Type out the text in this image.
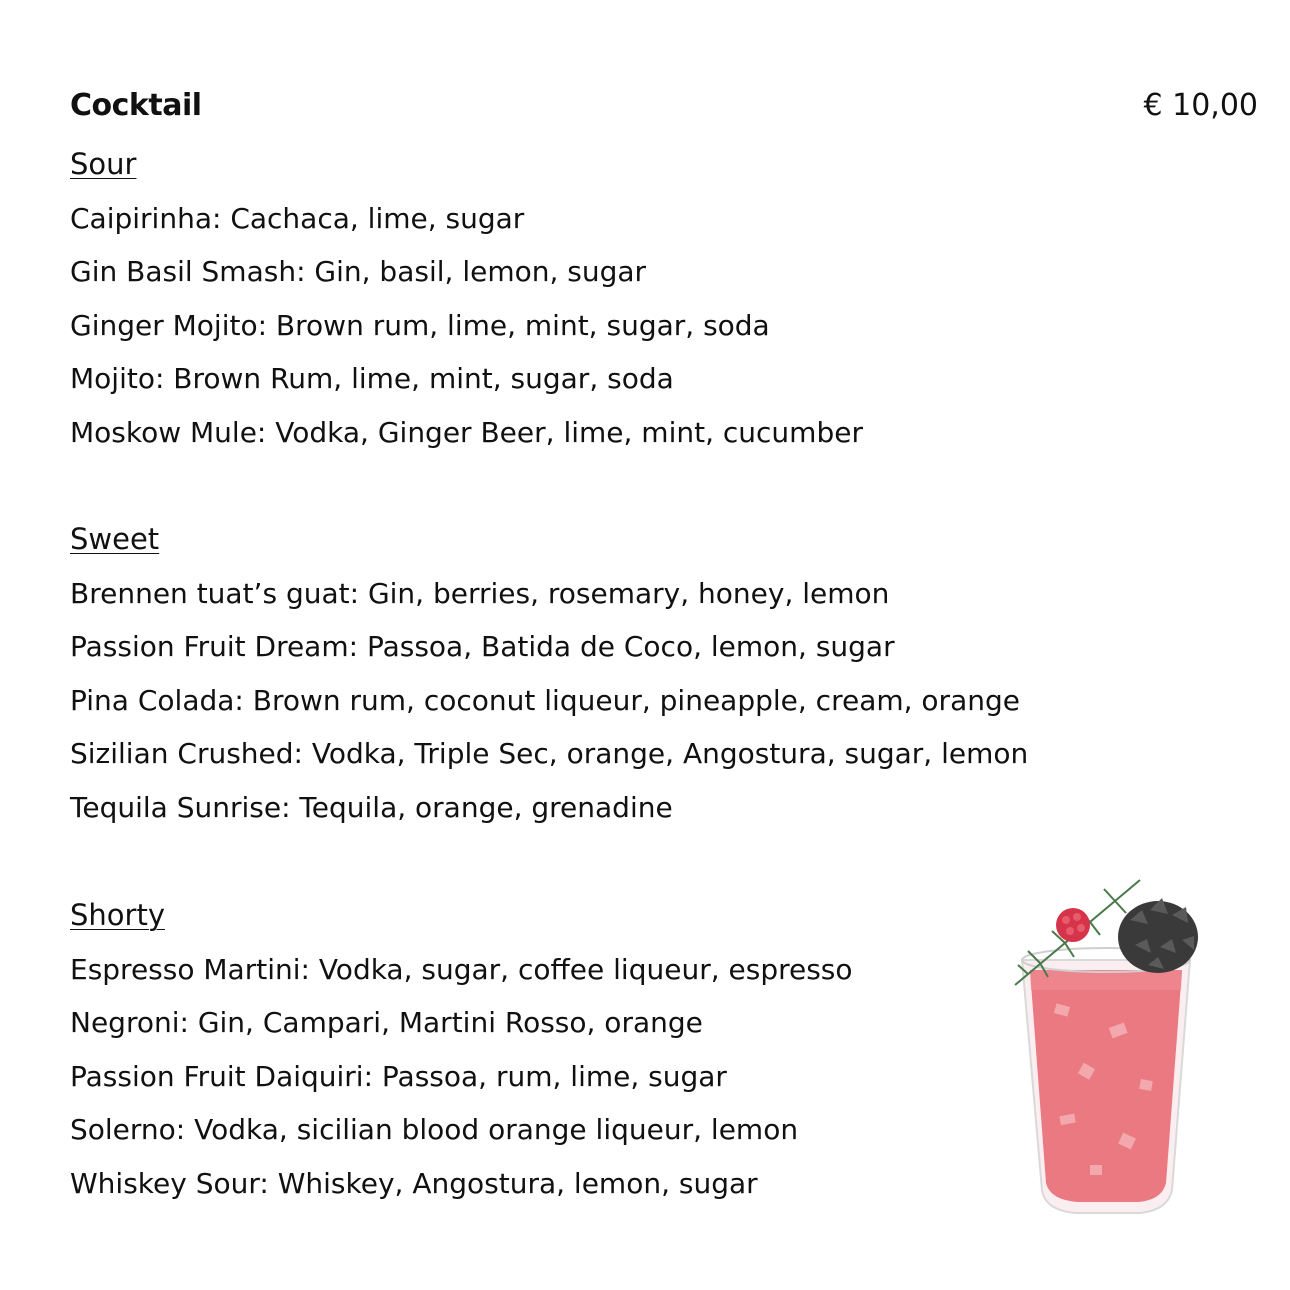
Cocktail	€ 10,00
Sour
Caipirinha: Cachaca, lime, sugar
Gin Basil Smash: Gin, basil, lemon, sugar
Ginger Mojito: Brown rum, lime, mint, sugar, soda
Mojito: Brown Rum, lime, mint, sugar, soda
Moskow Mule: Vodka, Ginger Beer, lime, mint, cucumber
Sweet
Brennen tuat’s guat: Gin, berries, rosemary, honey, lemon
Passion Fruit Dream: Passoa, Batida de Coco, lemon, sugar
Pina Colada: Brown rum, coconut liqueur, pineapple, cream, orange
Sizilian Crushed: Vodka, Triple Sec, orange, Angostura, sugar, lemon
Tequila Sunrise: Tequila, orange, grenadine
Shorty
Espresso Martini: Vodka, sugar, coffee liqueur, espresso
Negroni: Gin, Campari, Martini Rosso, orange
Passion Fruit Daiquiri: Passoa, rum, lime, sugar
Solerno: Vodka, sicilian blood orange liqueur, lemon
Whiskey Sour: Whiskey, Angostura, lemon, sugar
